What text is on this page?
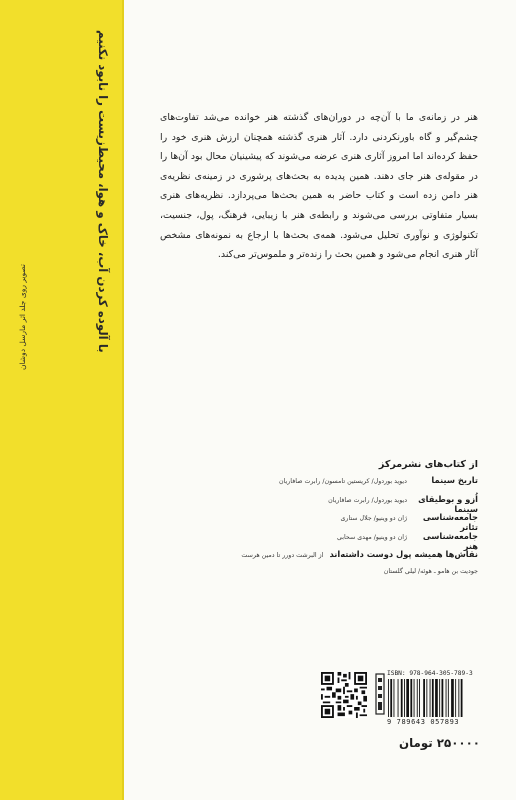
تصویر روی جلد اثر مارسل دوشان	با آلوده کردن آب، خاک و هوا، محیط‌زیست را نابود نکنیم	هنر در زمانه‌ی ما با آن‌چه در دوران‌های گذشته هنر خوانده می‌شد تفاوت‌های چشم‌گیر و گاه باورنکردنی دارد. آثار هنری گذشته همچنان ارزش هنری خود را حفظ کرده‌اند اما امروز آثاری هنری عرضه می‌شوند که پیشینیان محال بود آن‌ها را در مقوله‌ی هنر جای دهند. همین پدیده به بحث‌های پرشوری در زمینه‌ی نظریه‌ی هنر دامن زده است و کتاب حاضر به همین بحث‌ها می‌پردازد. نظریه‌های هنری بسیار متفاوتی بررسی می‌شوند و رابطه‌ی هنر با زیبایی، فرهنگ، پول، جنسیت، تکنولوژی و نوآوری تحلیل می‌شود. همه‌ی بحث‌ها با ارجاع به نمونه‌های مشخص آثار هنری انجام می‌شود و همین بحث را زنده‌تر و ملموس‌تر می‌کند.

از کتاب‌های نشرمرکز
تاریخ سینما
دیوید بوردول/ کریستین تامسون/ رابرت صافاریان
اُزو و بوطیقای سینما
دیوید بوردول/ رابرت صافاریان
جامعه‌شناسی تئاتر
ژان دو وینیو/ جلال ستاری
جامعه‌شناسی هنر
ژان دو وینیو/ مهدی سحابی
نقاش‌ها همیشه پول دوست داشته‌اند
از البرشت دورر تا دمین هرست
جودیت بن هامو ـ هوئه/ لیلی گلستان
ISBN: 978-964-305-789-3
9 789643 057893
۲۵۰۰۰۰ تومان
